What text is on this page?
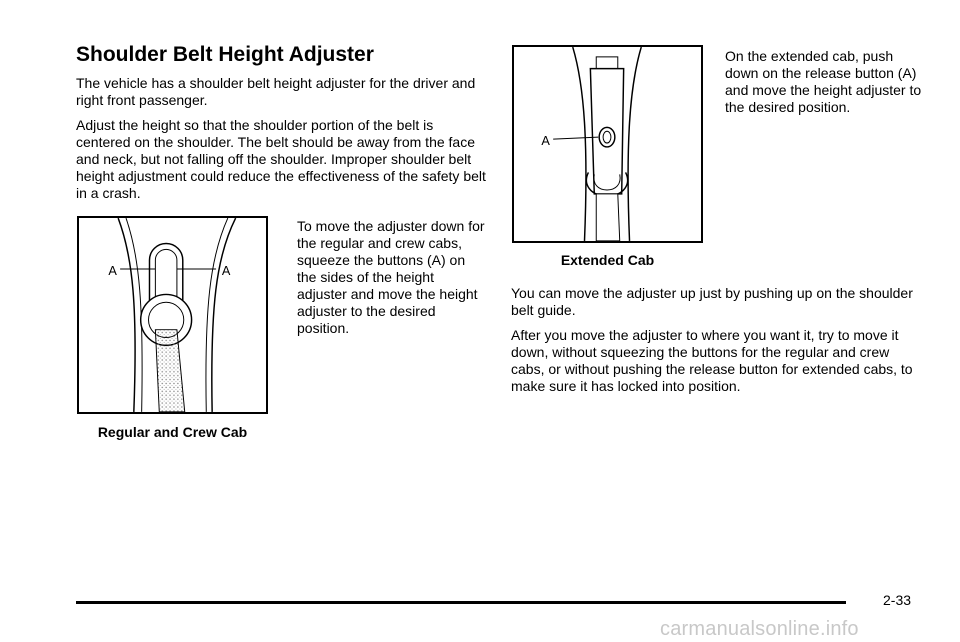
Shoulder Belt Height Adjuster

The vehicle has a shoulder belt height adjuster for the driver and right front passenger.

Adjust the height so that the shoulder portion of the belt is centered on the shoulder. The belt should be away from the face and neck, but not falling off the shoulder. Improper shoulder belt height adjustment could reduce the effectiveness of the safety belt in a crash.

A	A

Regular and Crew Cab

To move the adjuster down for the regular and crew cabs, squeeze the buttons (A) on the sides of the height adjuster and move the height adjuster to the desired position.

A

Extended Cab

On the extended cab, push down on the release button (A) and move the height adjuster to the desired position.

You can move the adjuster up just by pushing up on the shoulder belt guide.

After you move the adjuster to where you want it, try to move it down, without squeezing the buttons for the regular and crew cabs, or without pushing the release button for extended cabs, to make sure it has locked into position.

2-33
carmanualsonline.info
